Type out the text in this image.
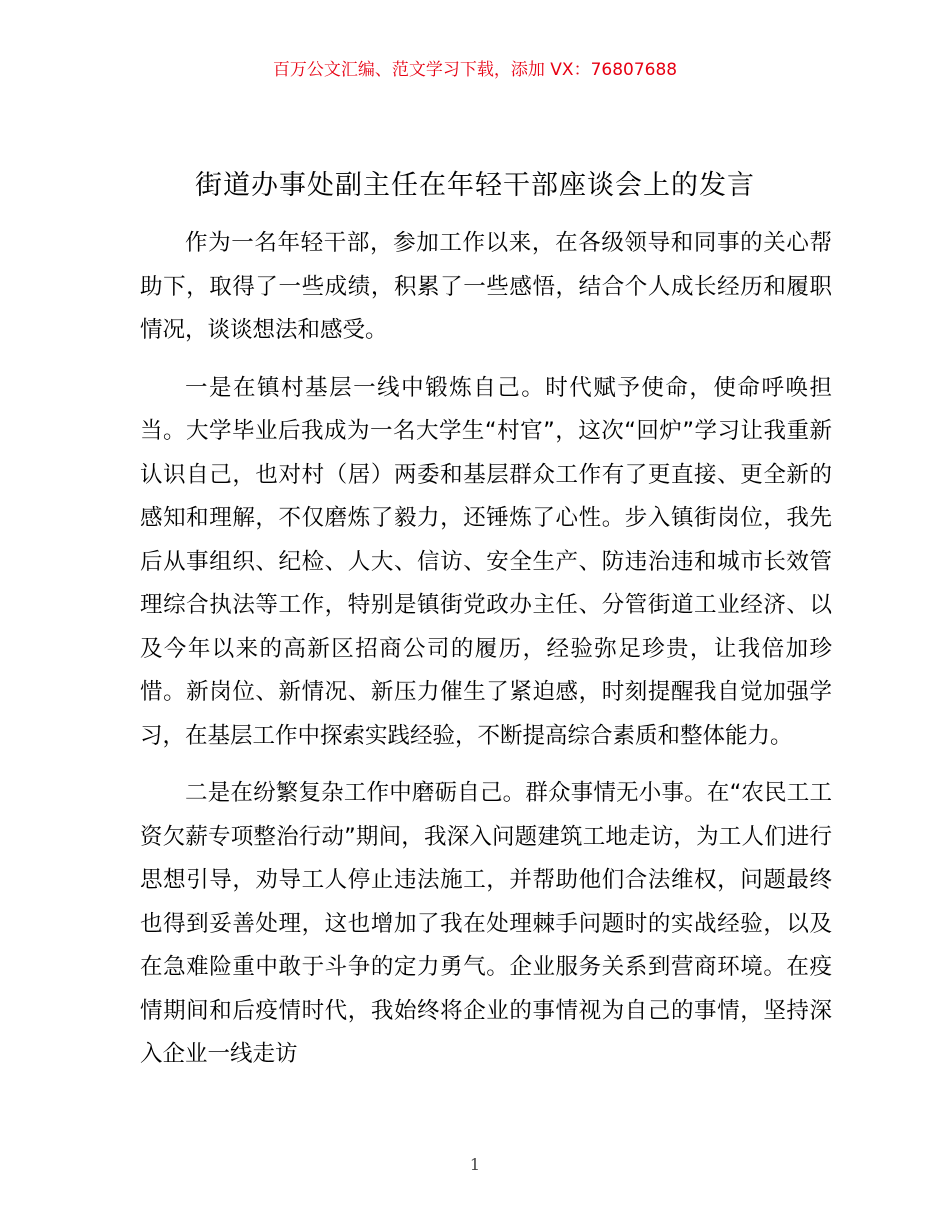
百万公文汇编、范文学习下载，添加 VX：76807688
街道办事处副主任在年轻干部座谈会上的发言

作为一名年轻干部，参加工作以来，在各级领导和同事的关心帮助下，取得了一些成绩，积累了一些感悟，结合个人成长经历和履职情况，谈谈想法和感受。

一是在镇村基层一线中锻炼自己。时代赋予使命，使命呼唤担当。大学毕业后我成为一名大学生“村官”，这次“回炉”学习让我重新认识自己，也对村（居）两委和基层群众工作有了更直接、更全新的感知和理解，不仅磨炼了毅力，还锤炼了心性。步入镇街岗位，我先后从事组织、纪检、人大、信访、安全生产、防违治违和城市长效管理综合执法等工作，特别是镇街党政办主任、分管街道工业经济、以及今年以来的高新区招商公司的履历，经验弥足珍贵，让我倍加珍惜。新岗位、新情况、新压力催生了紧迫感，时刻提醒我自觉加强学习，在基层工作中探索实践经验，不断提高综合素质和整体能力。

二是在纷繁复杂工作中磨砺自己。群众事情无小事。在“农民工工资欠薪专项整治行动”期间，我深入问题建筑工地走访，为工人们进行思想引导，劝导工人停止违法施工，并帮助他们合法维权，问题最终也得到妥善处理，这也增加了我在处理棘手问题时的实战经验，以及在急难险重中敢于斗争的定力勇气。企业服务关系到营商环境。在疫情期间和后疫情时代，我始终将企业的事情视为自己的事情，坚持深入企业一线走访

1
